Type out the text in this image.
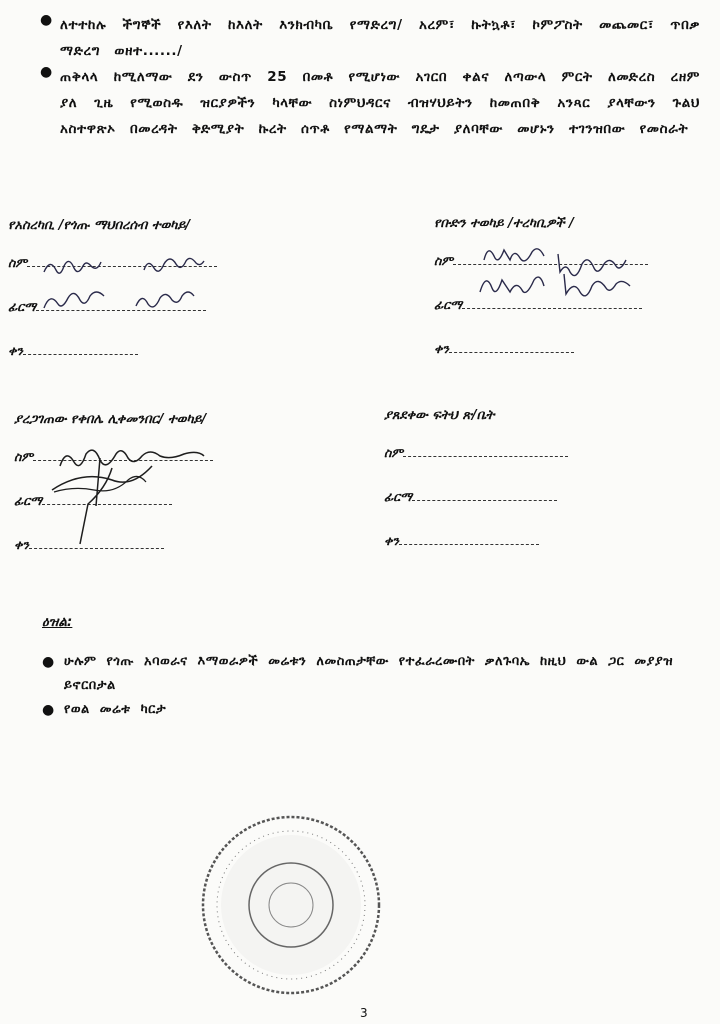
● ለተተከሉ ችግኞች የእለት ከእለት እንክብካቤ የማድረግ/ አረም፣ ኩትኳቶ፣ ኮምፖስት መጨመር፣ ጥበቃ ማድረግ ወዘተ....../
● ጠቅላላ ከሚለማው ደን ውስጥ 25 በመቶ የሚሆነው አገርበ ቀልና ለጣውላ ምርት ለመድረስ ረዘም ያለ ጊዜ የሚወስዱ ዝርያዎችን ካላቸው ስነምህዳርና ብዝሃህይትን ከመጠበቅ አንጻር ያላቸውን ጉልህ አስተዋጽኦ በመረዳት ቅድሚያት ኩረት ሰጥቶ የማልማት ግዴታ ያለባቸው መሆኑን ተገንዝበው የመስራት
የአስረካቢ /የጎጡ ማህበረሰብ ተወካይ/
ስም
ፊርማ
ቀን
የቡድን ተወካይ /ተረካቢዎች /
ስም
ፊርማ
ቀን
ያረጋገጠው የቀበሌ ሊቀመንበር/ ተወካይ/
ስም
ፊርማ
ቀን
ያጸደቀው ፍትህ ጽ/ቤት
ስም
ፊርማ
ቀን
ዕዝል:
● ሁሉም የጎጡ አባወራና እማወራዎች መሬቱን ለመስጠታቸው የተፈራረሙበት ቃለጉባኤ ከዚህ ውል ጋር መያያዝ ይኖርበታል
● የወል መሬቱ ካርታ
3
